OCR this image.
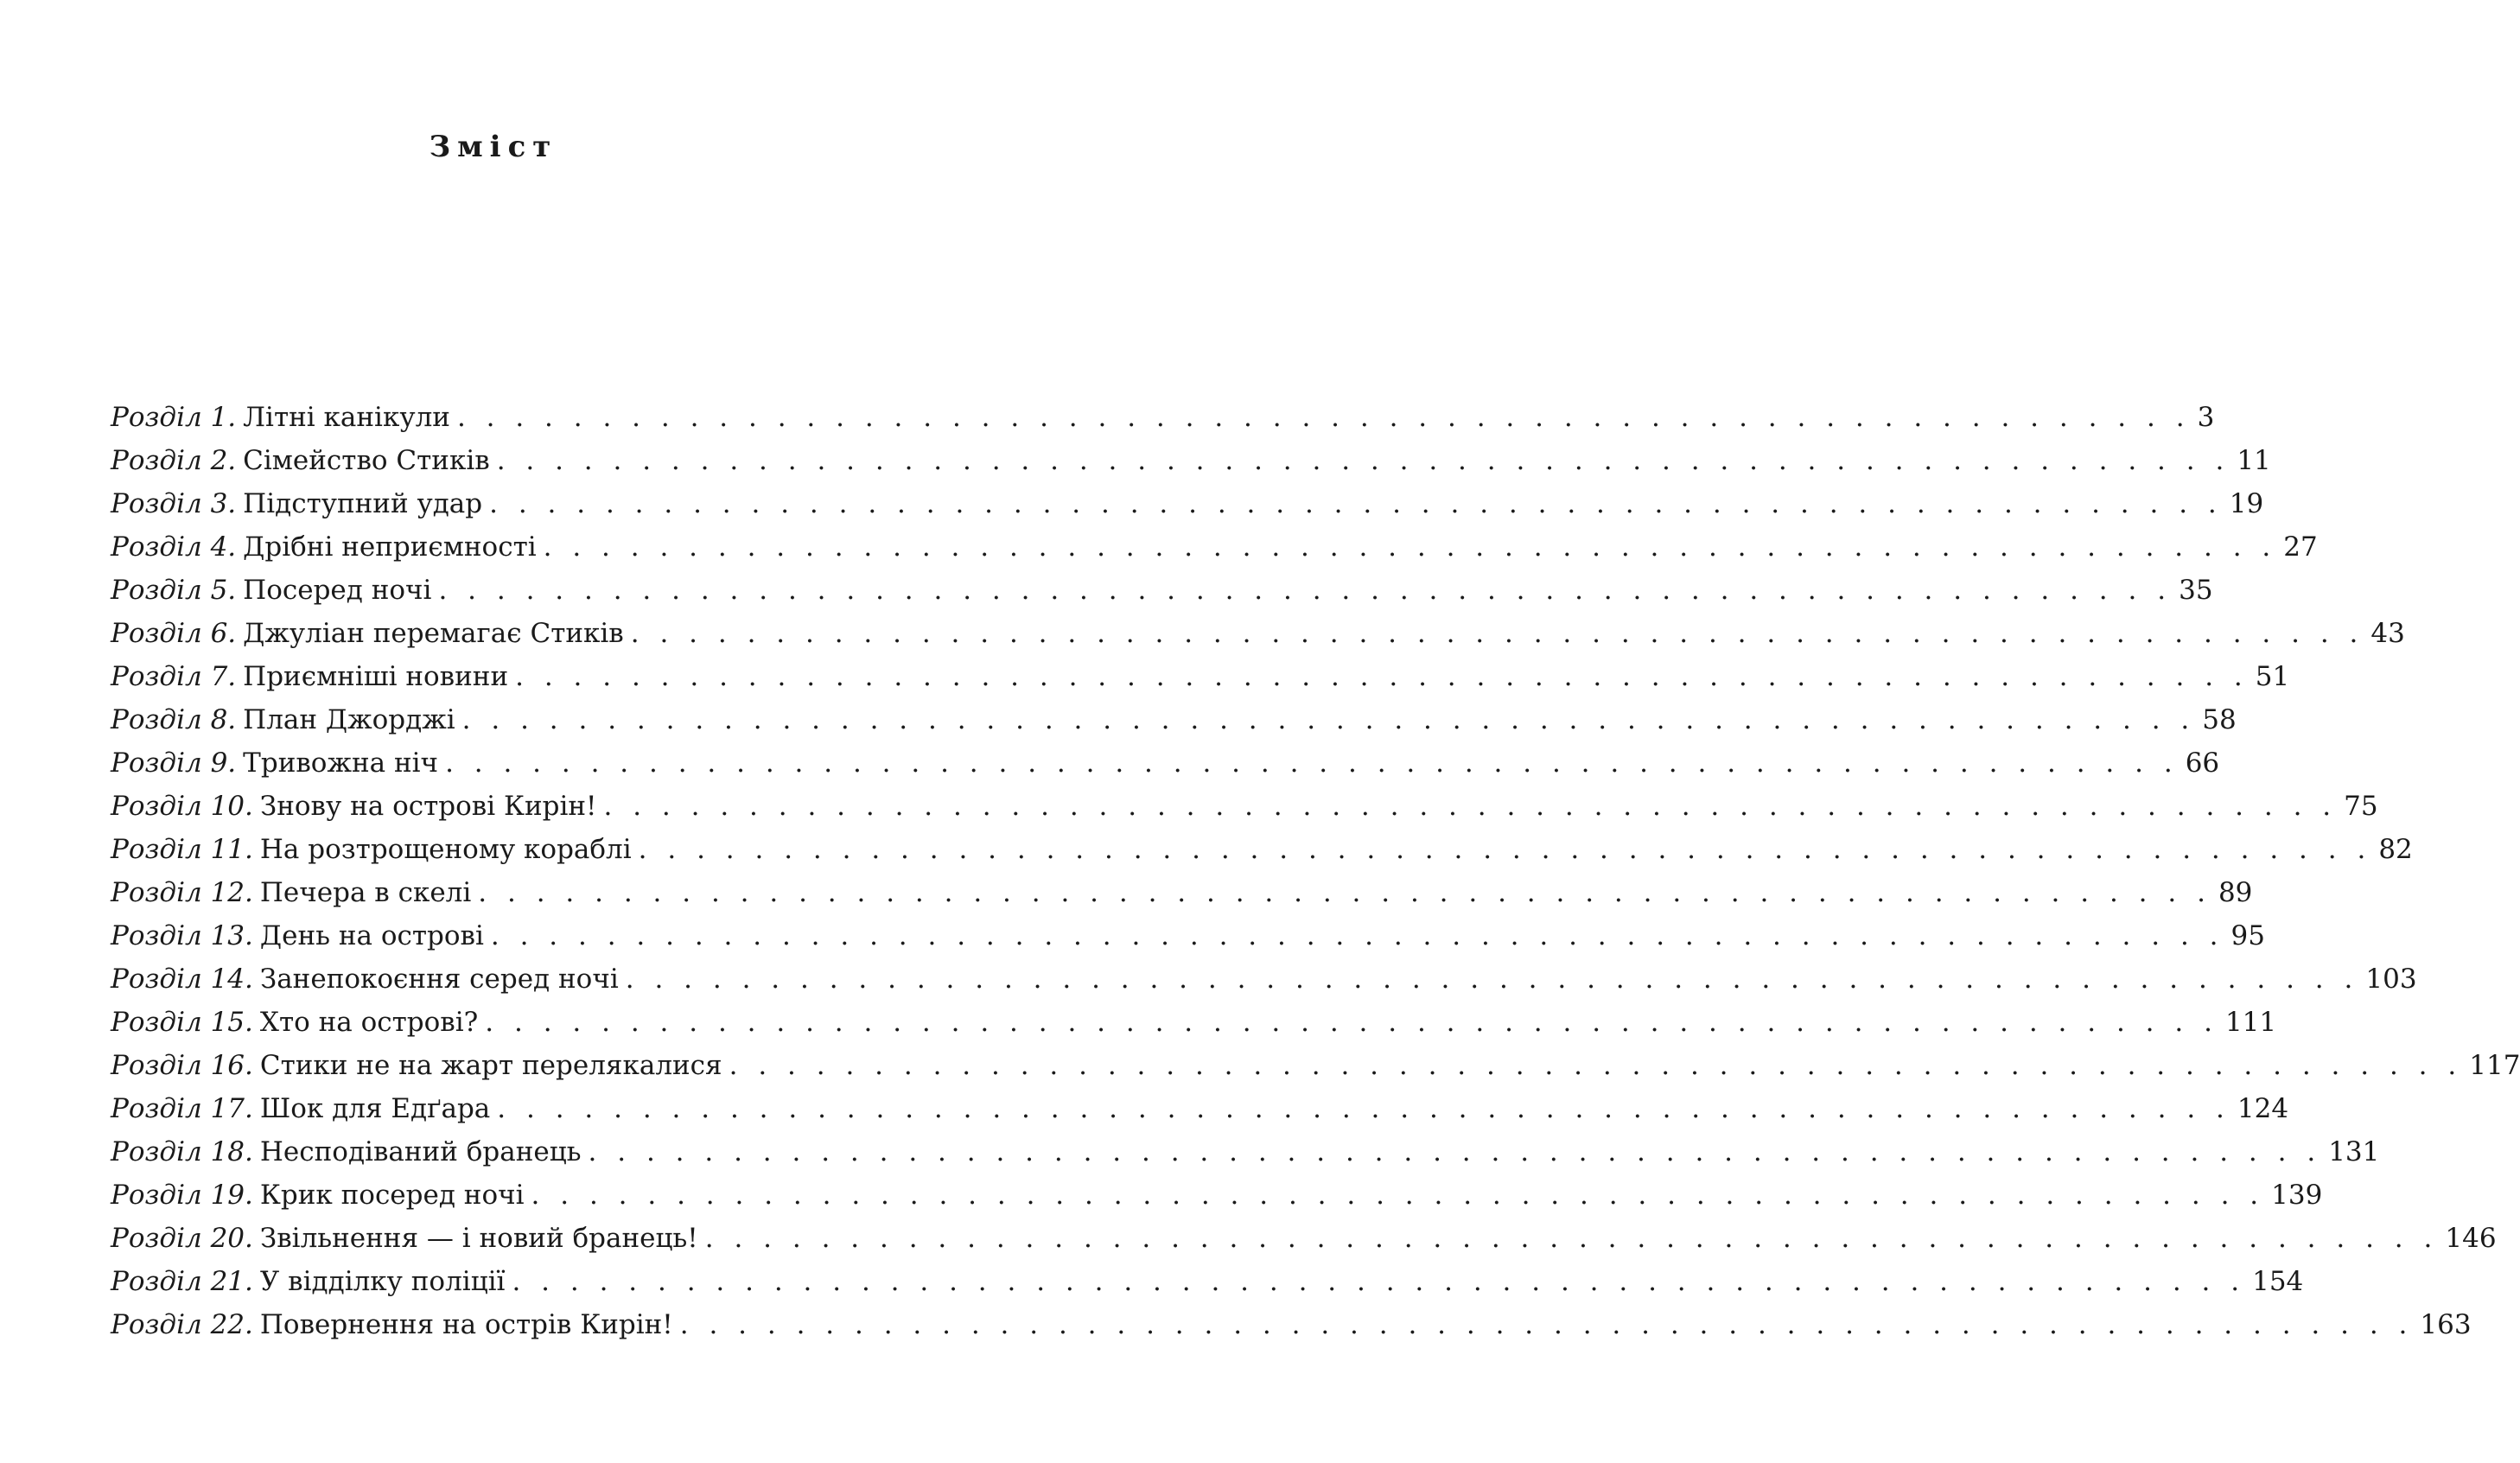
Зміст
Розділ 1. Літні канікули . . . . . . . . . . . . . . . . . . . . . . . . . . . . . . . . . . . . . . . . . . . . . . . . . . . . . . . . . . . . 3
Розділ 2. Сімейство Стиків . . . . . . . . . . . . . . . . . . . . . . . . . . . . . . . . . . . . . . . . . . . . . . . . . . . . . . . . . . . . 11
Розділ 3. Підступний удар . . . . . . . . . . . . . . . . . . . . . . . . . . . . . . . . . . . . . . . . . . . . . . . . . . . . . . . . . . . . 19
Розділ 4. Дрібні неприємності . . . . . . . . . . . . . . . . . . . . . . . . . . . . . . . . . . . . . . . . . . . . . . . . . . . . . . . . . . . . 27
Розділ 5. Посеред ночі . . . . . . . . . . . . . . . . . . . . . . . . . . . . . . . . . . . . . . . . . . . . . . . . . . . . . . . . . . . . 35
Розділ 6. Джуліан перемагає Стиків . . . . . . . . . . . . . . . . . . . . . . . . . . . . . . . . . . . . . . . . . . . . . . . . . . . . . . . . . . . . 43
Розділ 7. Приємніші новини . . . . . . . . . . . . . . . . . . . . . . . . . . . . . . . . . . . . . . . . . . . . . . . . . . . . . . . . . . . . 51
Розділ 8. План Джорджі . . . . . . . . . . . . . . . . . . . . . . . . . . . . . . . . . . . . . . . . . . . . . . . . . . . . . . . . . . . . 58
Розділ 9. Тривожна ніч . . . . . . . . . . . . . . . . . . . . . . . . . . . . . . . . . . . . . . . . . . . . . . . . . . . . . . . . . . . . 66
Розділ 10. Знову на острові Кирін! . . . . . . . . . . . . . . . . . . . . . . . . . . . . . . . . . . . . . . . . . . . . . . . . . . . . . . . . . . . . 75
Розділ 11. На розтрощеному кораблі . . . . . . . . . . . . . . . . . . . . . . . . . . . . . . . . . . . . . . . . . . . . . . . . . . . . . . . . . . . . 82
Розділ 12. Печера в скелі . . . . . . . . . . . . . . . . . . . . . . . . . . . . . . . . . . . . . . . . . . . . . . . . . . . . . . . . . . . . 89
Розділ 13. День на острові . . . . . . . . . . . . . . . . . . . . . . . . . . . . . . . . . . . . . . . . . . . . . . . . . . . . . . . . . . . . 95
Розділ 14. Занепокоєння серед ночі . . . . . . . . . . . . . . . . . . . . . . . . . . . . . . . . . . . . . . . . . . . . . . . . . . . . . . . . . . . . 103
Розділ 15. Хто на острові? . . . . . . . . . . . . . . . . . . . . . . . . . . . . . . . . . . . . . . . . . . . . . . . . . . . . . . . . . . . . 111
Розділ 16. Стики не на жарт перелякалися . . . . . . . . . . . . . . . . . . . . . . . . . . . . . . . . . . . . . . . . . . . . . . . . . . . . . . . . . . . . 117
Розділ 17. Шок для Едґара . . . . . . . . . . . . . . . . . . . . . . . . . . . . . . . . . . . . . . . . . . . . . . . . . . . . . . . . . . . . 124
Розділ 18. Несподіваний бранець . . . . . . . . . . . . . . . . . . . . . . . . . . . . . . . . . . . . . . . . . . . . . . . . . . . . . . . . . . . . 131
Розділ 19. Крик посеред ночі . . . . . . . . . . . . . . . . . . . . . . . . . . . . . . . . . . . . . . . . . . . . . . . . . . . . . . . . . . . . 139
Розділ 20. Звільнення — і новий бранець! . . . . . . . . . . . . . . . . . . . . . . . . . . . . . . . . . . . . . . . . . . . . . . . . . . . . . . . . . . . . 146
Розділ 21. У відділку поліції . . . . . . . . . . . . . . . . . . . . . . . . . . . . . . . . . . . . . . . . . . . . . . . . . . . . . . . . . . . . 154
Розділ 22. Повернення на острів Кирін! . . . . . . . . . . . . . . . . . . . . . . . . . . . . . . . . . . . . . . . . . . . . . . . . . . . . . . . . . . . . 163
